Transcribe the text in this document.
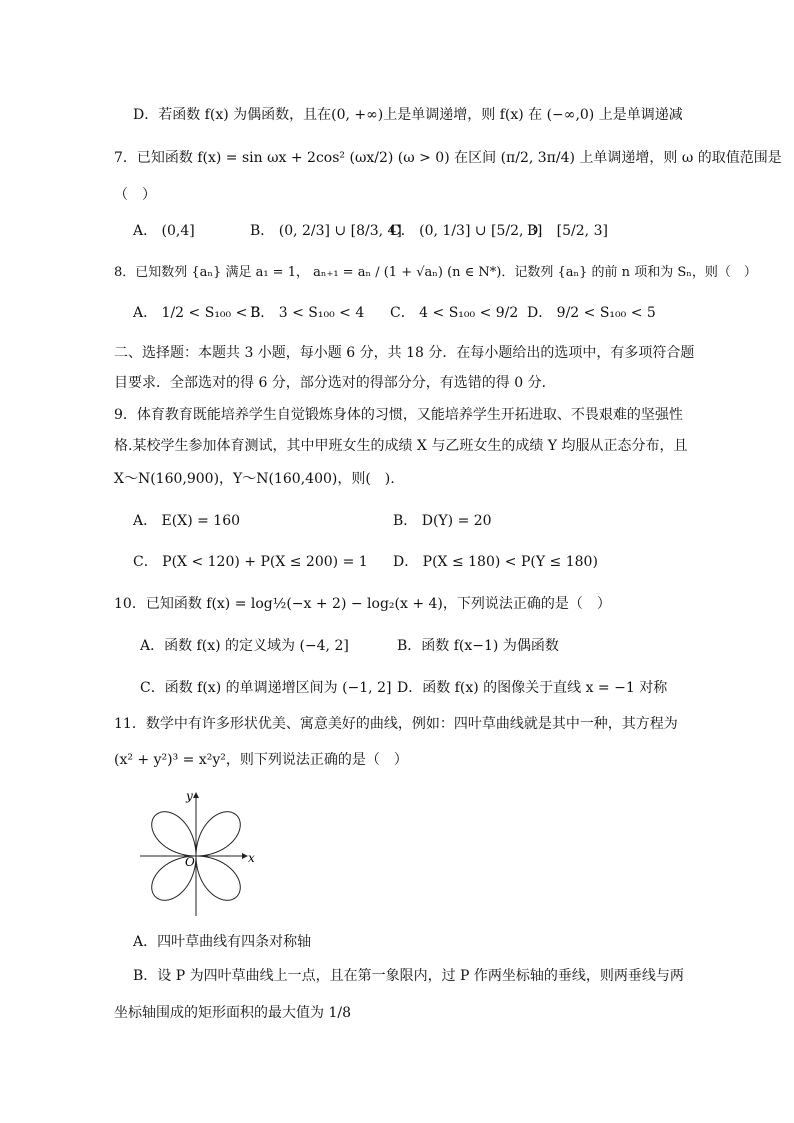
D．若函数 f(x) 为偶函数，且在(0, +∞)上是单调递增，则 f(x) 在 (−∞,0) 上是单调递减
7．已知函数 f(x) = sin ωx + 2cos² (ωx/2) (ω > 0) 在区间 (π/2, 3π/4) 上单调递增，则 ω 的取值范围是
（　）
A． (0,4]	B． (0, 2/3] ∪ [8/3, 4]
C． (0, 1/3] ∪ [5/2, 3]
D． [5/2, 3]
8．已知数列 {aₙ} 满足 a₁ = 1， aₙ₊₁ = aₙ / (1 + √aₙ) (n ∈ N*)．记数列 {aₙ} 的前 n 项和为 Sₙ，则（　）
A． 1/2 < S₁₀₀ < 3
B． 3 < S₁₀₀ < 4 C． 4 < S₁₀₀ < 9/2 D． 9/2 < S₁₀₀ < 5
二、选择题：本题共 3 小题，每小题 6 分，共 18 分．在每小题给出的选项中，有多项符合题
目要求．全部选对的得 6 分，部分选对的得部分分，有选错的得 0 分．
9．体育教育既能培养学生自觉锻炼身体的习惯，又能培养学生开拓进取、不畏艰难的坚强性
格.某校学生参加体育测试，其中甲班女生的成绩 X 与乙班女生的成绩 Y 均服从正态分布，且
X～N(160,900)，Y～N(160,400)，则(　).
A． E(X) = 160	B． D(Y) = 20
C． P(X < 120) + P(X ≤ 200) = 1 D． P(X ≤ 180) < P(Y ≤ 180)
10．已知函数 f(x) = log½(−x + 2) − log₂(x + 4)，下列说法正确的是（　）
A．函数 f(x) 的定义域为 (−4, 2]	B．函数 f(x−1) 为偶函数
C．函数 f(x) 的单调递增区间为 (−1, 2] D．函数 f(x) 的图像关于直线 x = −1 对称
11．数学中有许多形状优美、寓意美好的曲线，例如：四叶草曲线就是其中一种，其方程为
(x² + y²)³ = x²y²，则下列说法正确的是（　）
x
y
O
A．四叶草曲线有四条对称轴
B．设 P 为四叶草曲线上一点，且在第一象限内，过 P 作两坐标轴的垂线，则两垂线与两
坐标轴围成的矩形面积的最大值为 1/8
